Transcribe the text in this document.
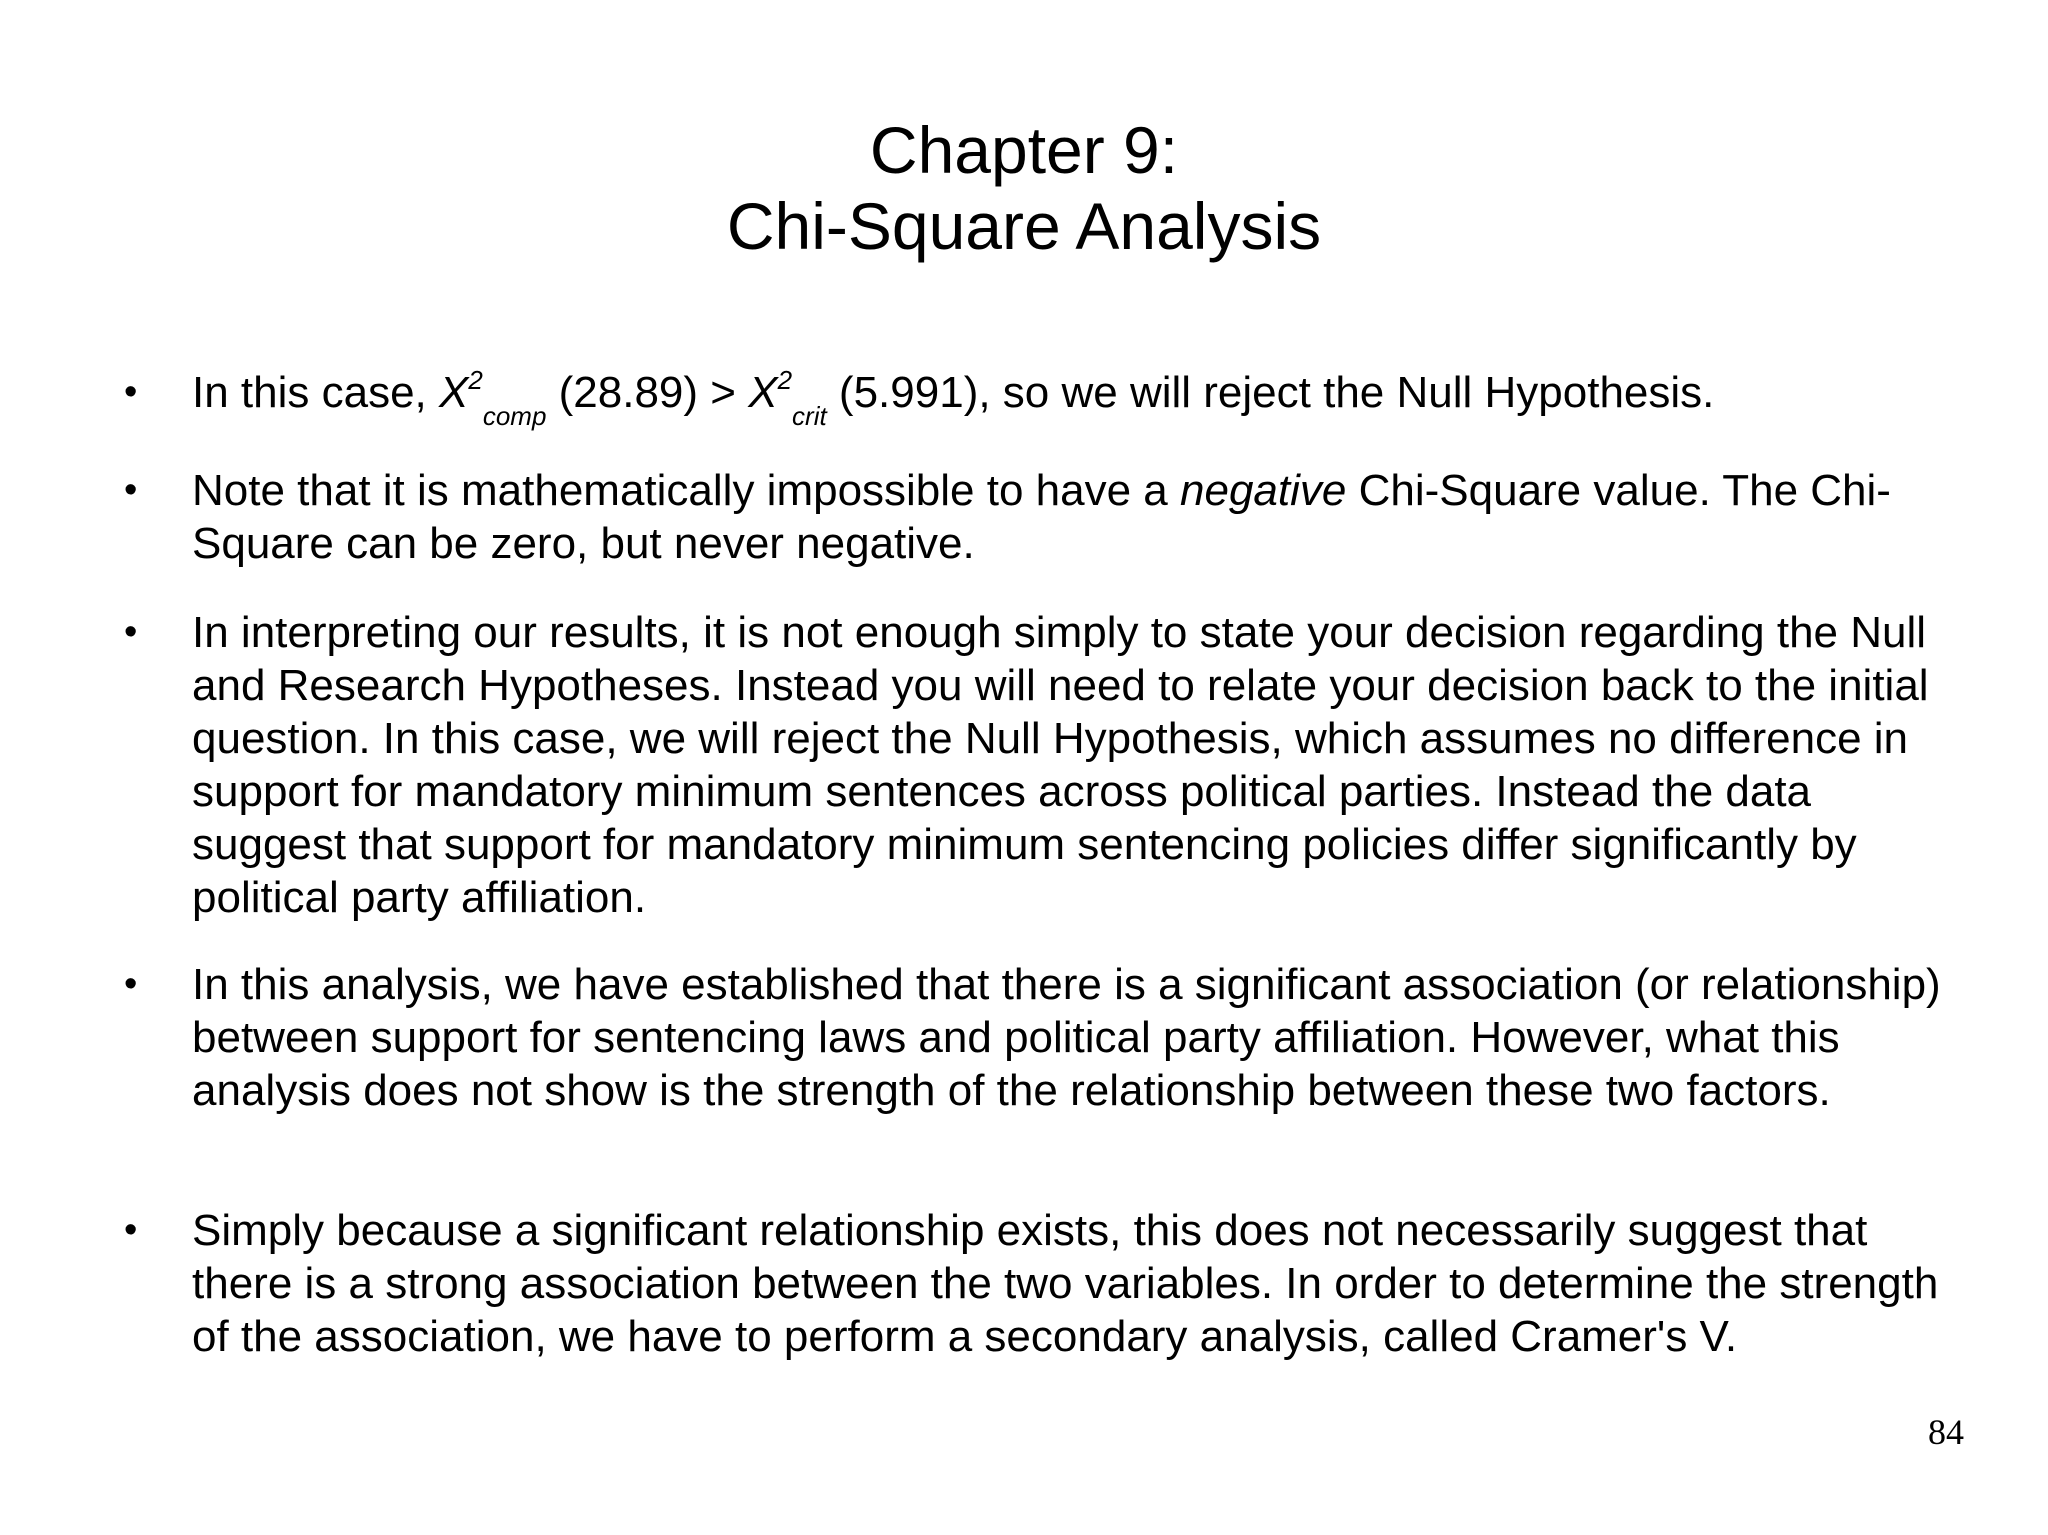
Chapter 9:
Chi-Square Analysis
•	In this case, $X^2_{comp}$ $(28.89) > X^2_{crit}$ (5.991), so we will reject the Null Hypothesis.
•	Note that it is mathematically impossible to have a negative Chi-Square value. The Chi-Square can be zero, but never negative.
•	In interpreting our results, it is not enough simply to state your decision regarding the Null and Research Hypotheses. Instead you will need to relate your decision back to the initial question. In this case, we will reject the Null Hypothesis, which assumes no difference in support for mandatory minimum sentences across political parties. Instead the data suggest that support for mandatory minimum sentencing policies differ significantly by political party affiliation.
•	In this analysis, we have established that there is a significant association (or relationship) between support for sentencing laws and political party affiliation. However, what this analysis does not show is the strength of the relationship between these two factors.
•	Simply because a significant relationship exists, this does not necessarily suggest that there is a strong association between the two variables. In order to determine the strength of the association, we have to perform a secondary analysis, called Cramer's V.
84
